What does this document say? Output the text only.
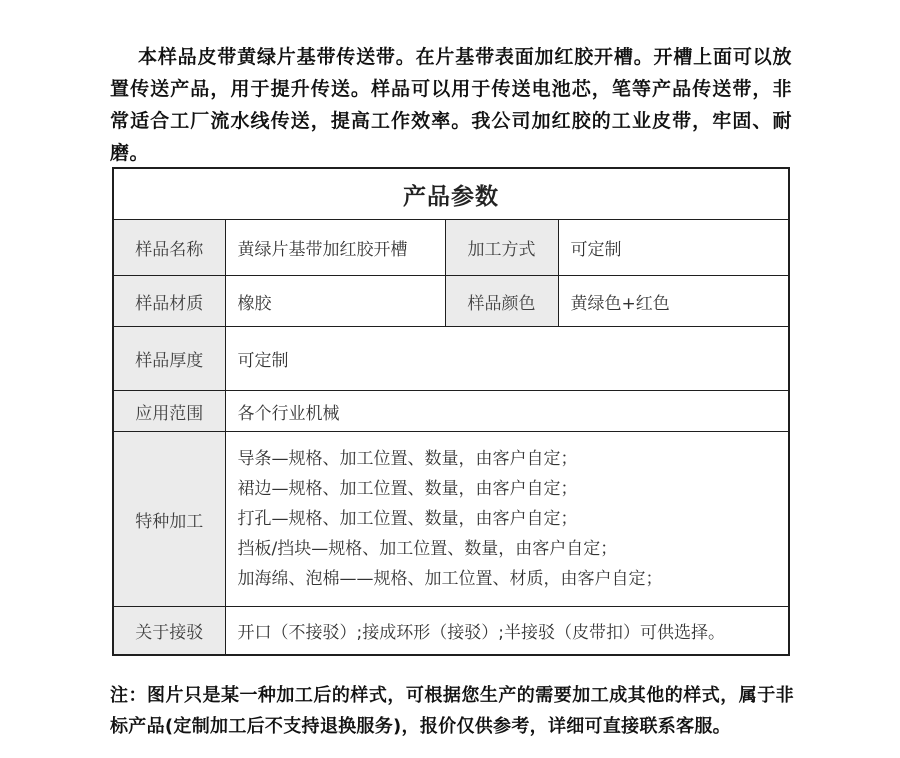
本样品皮带黄绿片基带传送带。在片基带表面加红胶开槽。开槽上面可以放置传送产品，用于提升传送。样品可以用于传送电池芯，笔等产品传送带，非常适合工厂流水线传送，提高工作效率。我公司加红胶的工业皮带，牢固、耐磨。

产品参数			
样品名称	黄绿片基带加红胶开槽	加工方式	可定制
样品材质	橡胶	样品颜色	黄绿色+红色
样品厚度	可定制		
应用范围	各个行业机械		
特种加工	导条—规格、加工位置、数量，由客户自定；
裙边—规格、加工位置、数量，由客户自定；
打孔—规格、加工位置、数量，由客户自定；
挡板/挡块—规格、加工位置、数量，由客户自定；
加海绵、泡棉——规格、加工位置、材质，由客户自定；		

关于接驳	开口（不接驳）;接成环形（接驳）;半接驳（皮带扣）可供选择。		

注：图片只是某一种加工后的样式，可根据您生产的需要加工成其他的样式，属于非标产品(定制加工后不支持退换服务)，报价仅供参考，详细可直接联系客服。
